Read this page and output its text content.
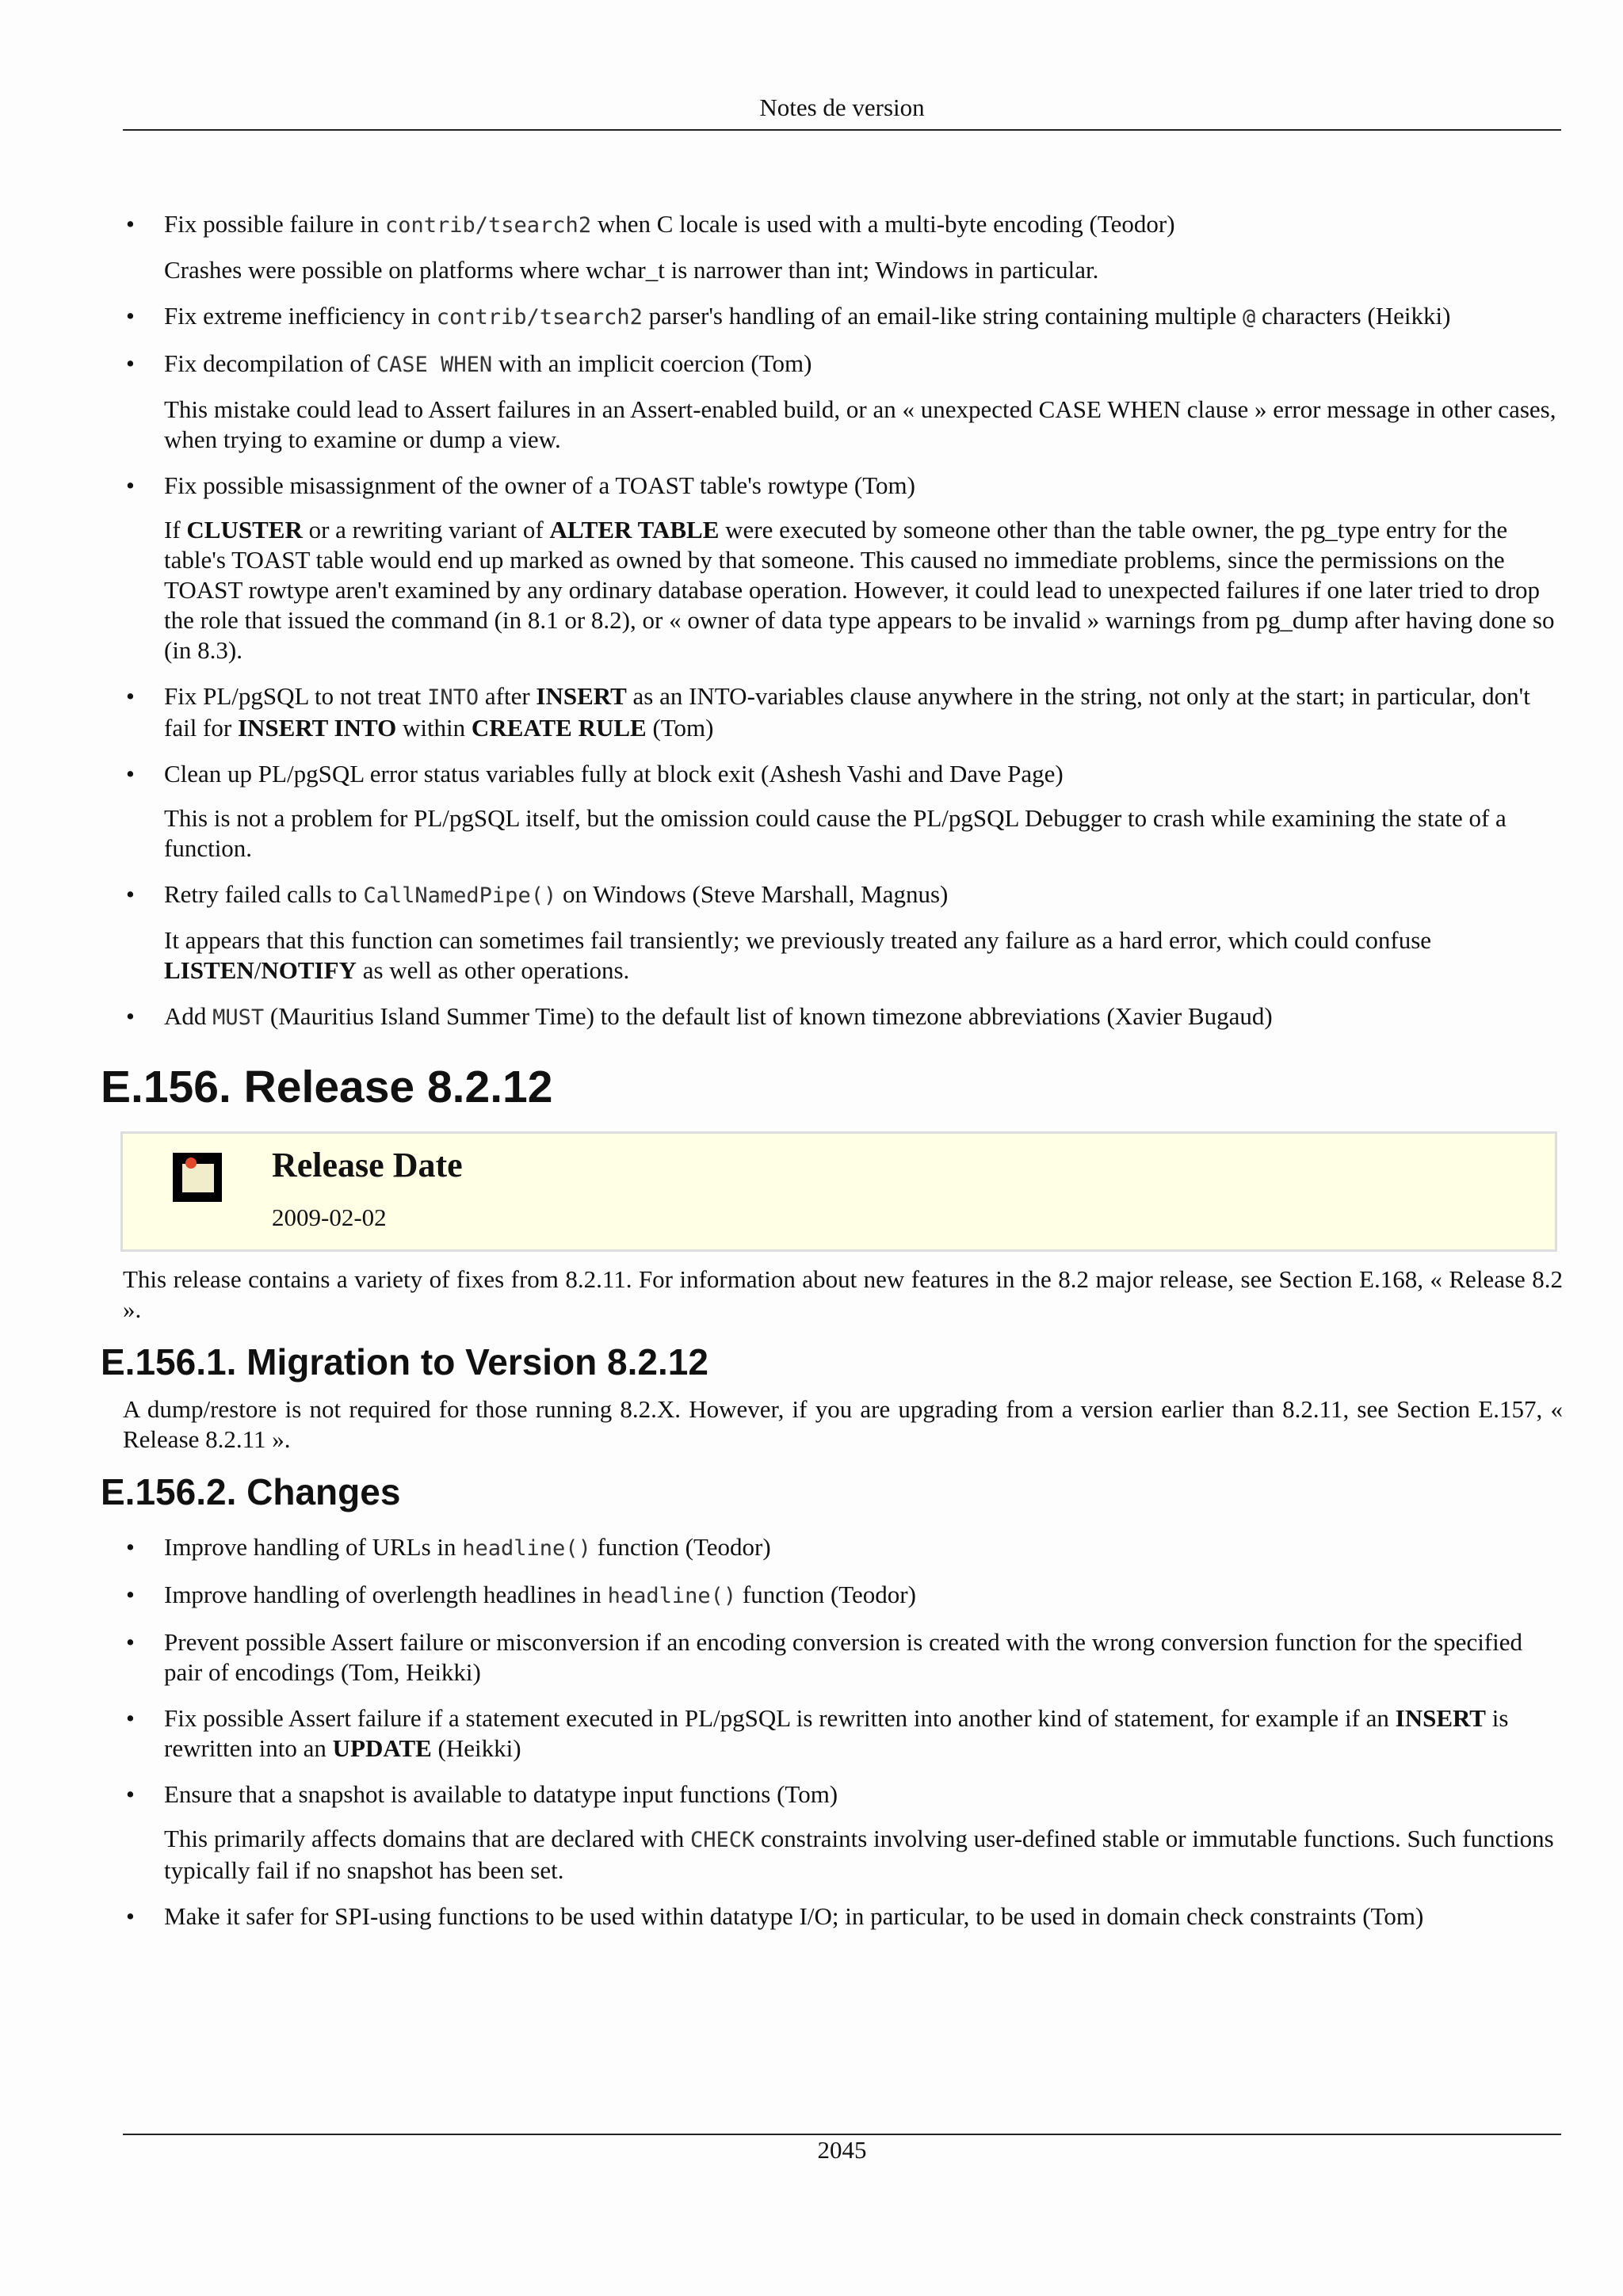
Notes de version
• Fix possible failure in contrib/tsearch2 when C locale is used with a multi-byte encoding (Teodor)
Crashes were possible on platforms where wchar_t is narrower than int; Windows in particular.
• Fix extreme inefficiency in contrib/tsearch2 parser's handling of an email-like string containing multiple @ characters (Heikki)
• Fix decompilation of CASE WHEN with an implicit coercion (Tom)
This mistake could lead to Assert failures in an Assert-enabled build, or an « unexpected CASE WHEN clause » error message in other cases, when trying to examine or dump a view.
• Fix possible misassignment of the owner of a TOAST table's rowtype (Tom)
If CLUSTER or a rewriting variant of ALTER TABLE were executed by someone other than the table owner, the pg_type entry for the table's TOAST table would end up marked as owned by that someone. This caused no immediate problems, since the permissions on the TOAST rowtype aren't examined by any ordinary database operation. However, it could lead to unexpected failures if one later tried to drop the role that issued the command (in 8.1 or 8.2), or « owner of data type appears to be invalid » warnings from pg_dump after having done so (in 8.3).
• Fix PL/pgSQL to not treat INTO after INSERT as an INTO-variables clause anywhere in the string, not only at the start; in particular, don't fail for INSERT INTO within CREATE RULE (Tom)
• Clean up PL/pgSQL error status variables fully at block exit (Ashesh Vashi and Dave Page)
This is not a problem for PL/pgSQL itself, but the omission could cause the PL/pgSQL Debugger to crash while examining the state of a function.
• Retry failed calls to CallNamedPipe() on Windows (Steve Marshall, Magnus)
It appears that this function can sometimes fail transiently; we previously treated any failure as a hard error, which could confuse LISTEN/NOTIFY as well as other operations.
• Add MUST (Mauritius Island Summer Time) to the default list of known timezone abbreviations (Xavier Bugaud)
E.156. Release 8.2.12
Release Date
2009-02-02
This release contains a variety of fixes from 8.2.11. For information about new features in the 8.2 major release, see Section E.168, « Release 8.2 ».
E.156.1. Migration to Version 8.2.12
A dump/restore is not required for those running 8.2.X. However, if you are upgrading from a version earlier than 8.2.11, see Section E.157, « Release 8.2.11 ».
E.156.2. Changes
• Improve handling of URLs in headline() function (Teodor)
• Improve handling of overlength headlines in headline() function (Teodor)
• Prevent possible Assert failure or misconversion if an encoding conversion is created with the wrong conversion function for the specified pair of encodings (Tom, Heikki)
• Fix possible Assert failure if a statement executed in PL/pgSQL is rewritten into another kind of statement, for example if an INSERT is rewritten into an UPDATE (Heikki)
• Ensure that a snapshot is available to datatype input functions (Tom)
This primarily affects domains that are declared with CHECK constraints involving user-defined stable or immutable functions. Such functions typically fail if no snapshot has been set.
• Make it safer for SPI-using functions to be used within datatype I/O; in particular, to be used in domain check constraints (Tom)
2045
